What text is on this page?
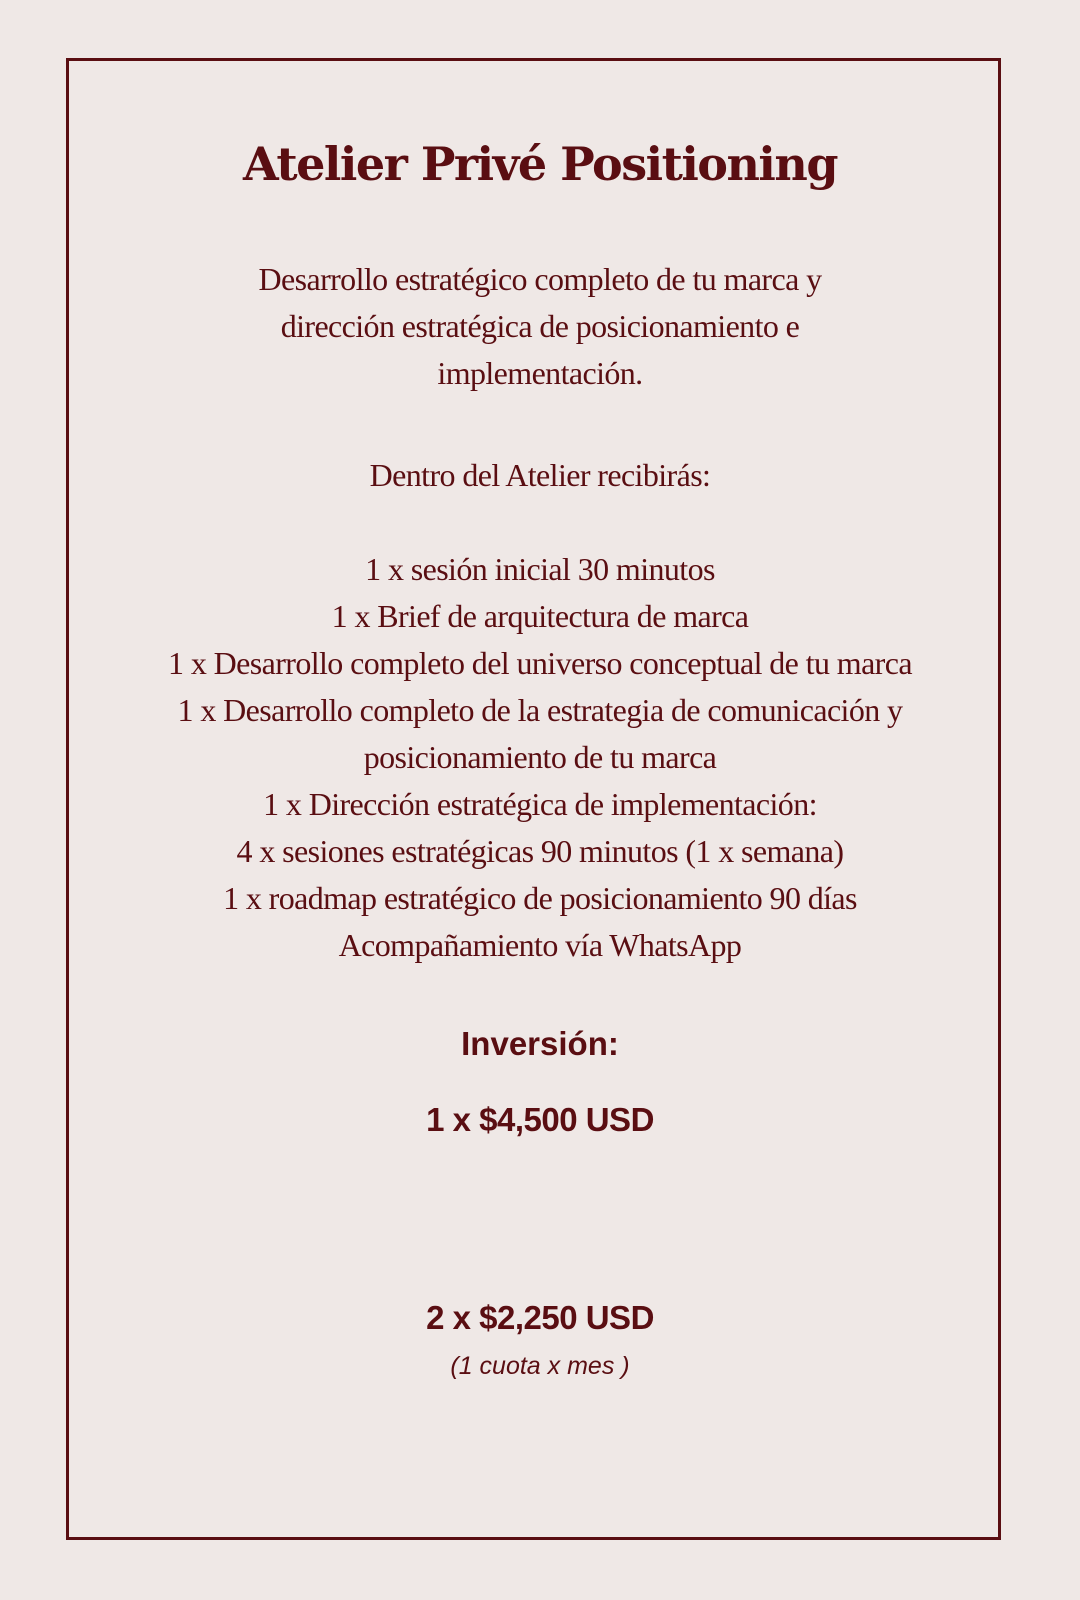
Atelier Privé Positioning
Desarrollo estratégico completo de tu marca y
dirección estratégica de posicionamiento e
implementación.
Dentro del Atelier recibirás:
1 x sesión inicial 30 minutos
1 x Brief de arquitectura de marca
1 x Desarrollo completo del universo conceptual de tu marca
1 x Desarrollo completo de la estrategia de comunicación y
posicionamiento de tu marca
1 x Dirección estratégica de implementación:
4 x sesiones estratégicas 90 minutos (1 x semana)
1 x roadmap estratégico de posicionamiento 90 días
Acompañamiento vía WhatsApp
Inversión:
1 x $4,500 USD
2 x $2,250 USD
(1 cuota x mes )
